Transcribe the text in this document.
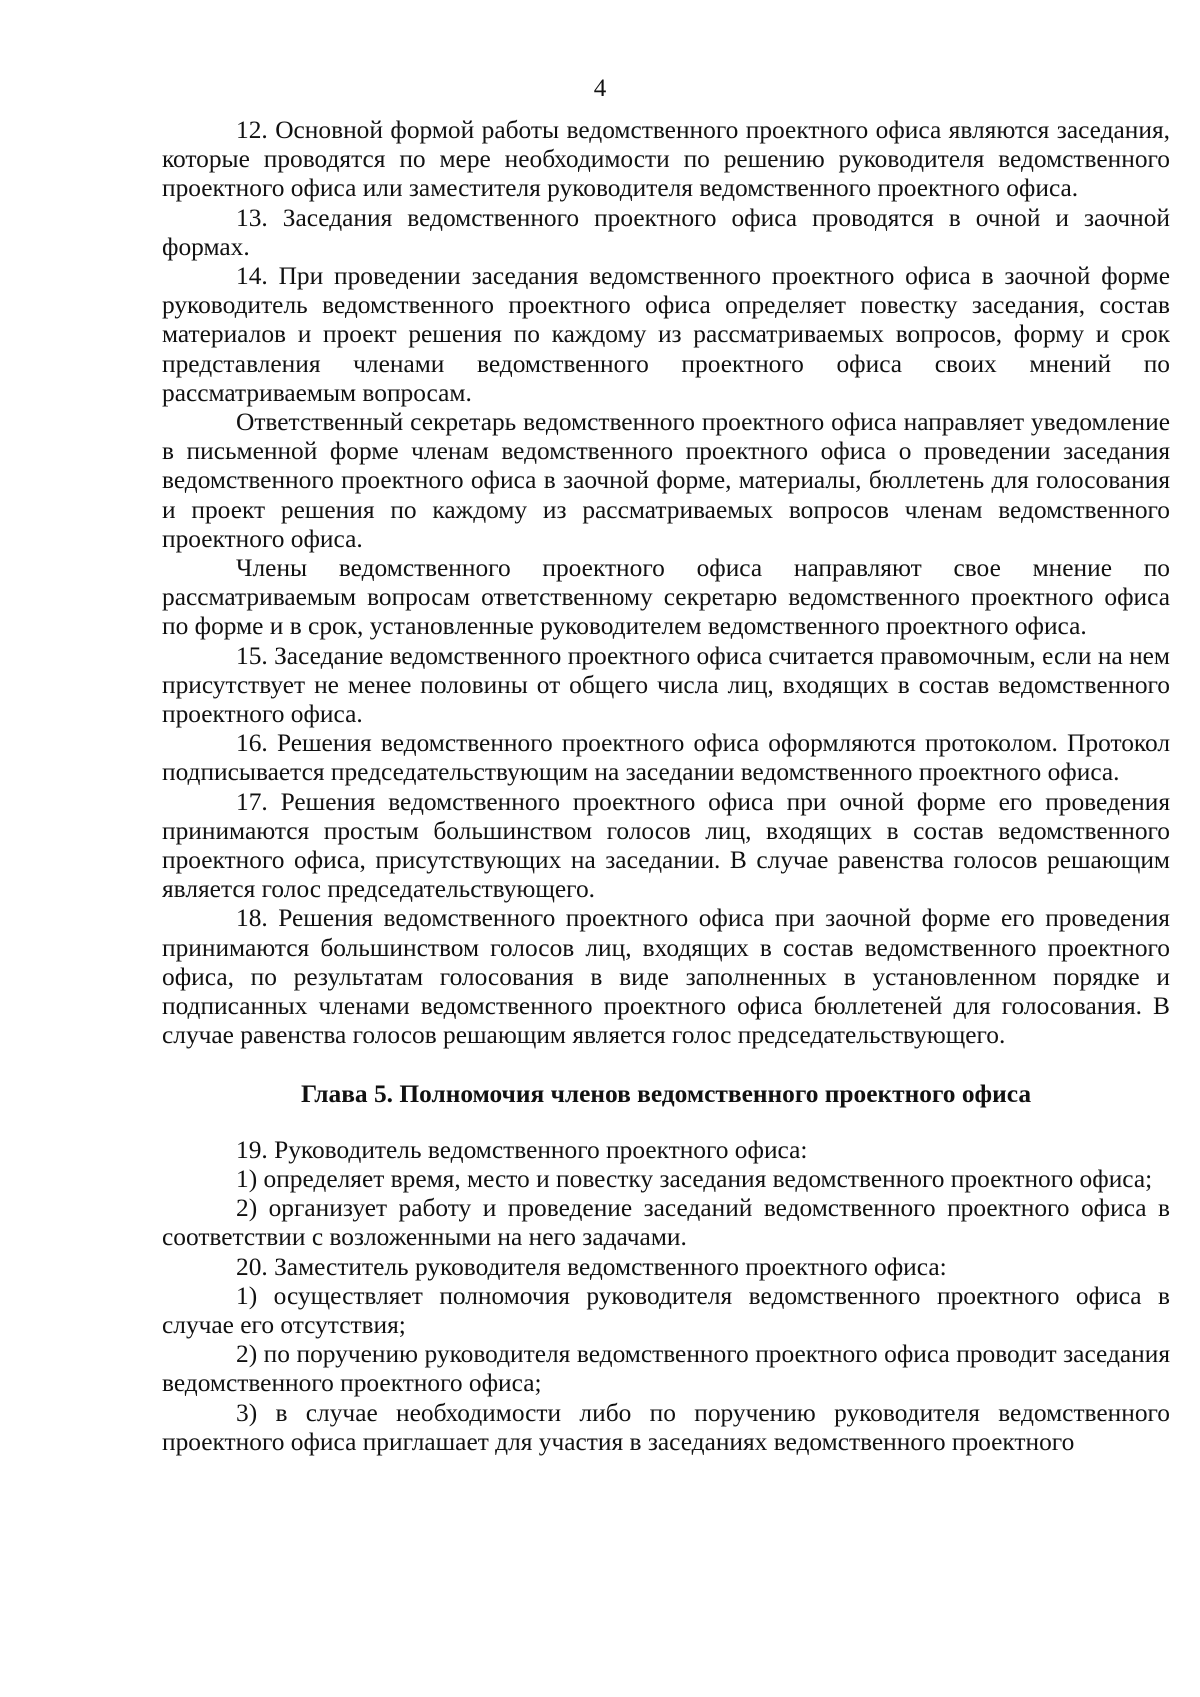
4

12. Основной формой работы ведомственного проектного офиса являются заседания, которые проводятся по мере необходимости по решению руководителя ведомственного проектного офиса или заместителя руководителя ведомственного проектного офиса.

13. Заседания ведомственного проектного офиса проводятся в очной и заочной формах.

14. При проведении заседания ведомственного проектного офиса в заочной форме руководитель ведомственного проектного офиса определяет повестку заседания, состав материалов и проект решения по каждому из рассматриваемых вопросов, форму и срок представления членами ведомственного проектного офиса своих мнений по рассматриваемым вопросам.

Ответственный секретарь ведомственного проектного офиса направляет уведомление в письменной форме членам ведомственного проектного офиса о проведении заседания ведомственного проектного офиса в заочной форме, материалы, бюллетень для голосования и проект решения по каждому из рассматриваемых вопросов членам ведомственного проектного офиса.

Члены ведомственного проектного офиса направляют свое мнение по рассматриваемым вопросам ответственному секретарю ведомственного проектного офиса по форме и в срок, установленные руководителем ведомственного проектного офиса.

15. Заседание ведомственного проектного офиса считается правомочным, если на нем присутствует не менее половины от общего числа лиц, входящих в состав ведомственного проектного офиса.

16. Решения ведомственного проектного офиса оформляются протоколом. Протокол подписывается председательствующим на заседании ведомственного проектного офиса.

17. Решения ведомственного проектного офиса при очной форме его проведения принимаются простым большинством голосов лиц, входящих в состав ведомственного проектного офиса, присутствующих на заседании. В случае равенства голосов решающим является голос председательствующего.

18. Решения ведомственного проектного офиса при заочной форме его проведения принимаются большинством голосов лиц, входящих в состав ведомственного проектного офиса, по результатам голосования в виде заполненных в установленном порядке и подписанных членами ведомственного проектного офиса бюллетеней для голосования. В случае равенства голосов решающим является голос председательствующего.

Глава 5. Полномочия членов ведомственного проектного офиса

19. Руководитель ведомственного проектного офиса:

1) определяет время, место и повестку заседания ведомственного проектного офиса;

2) организует работу и проведение заседаний ведомственного проектного офиса в соответствии с возложенными на него задачами.

20. Заместитель руководителя ведомственного проектного офиса:

1) осуществляет полномочия руководителя ведомственного проектного офиса в случае его отсутствия;

2) по поручению руководителя ведомственного проектного офиса проводит заседания ведомственного проектного офиса;

3) в случае необходимости либо по поручению руководителя ведомственного проектного офиса приглашает для участия в заседаниях ведомственного проектного
